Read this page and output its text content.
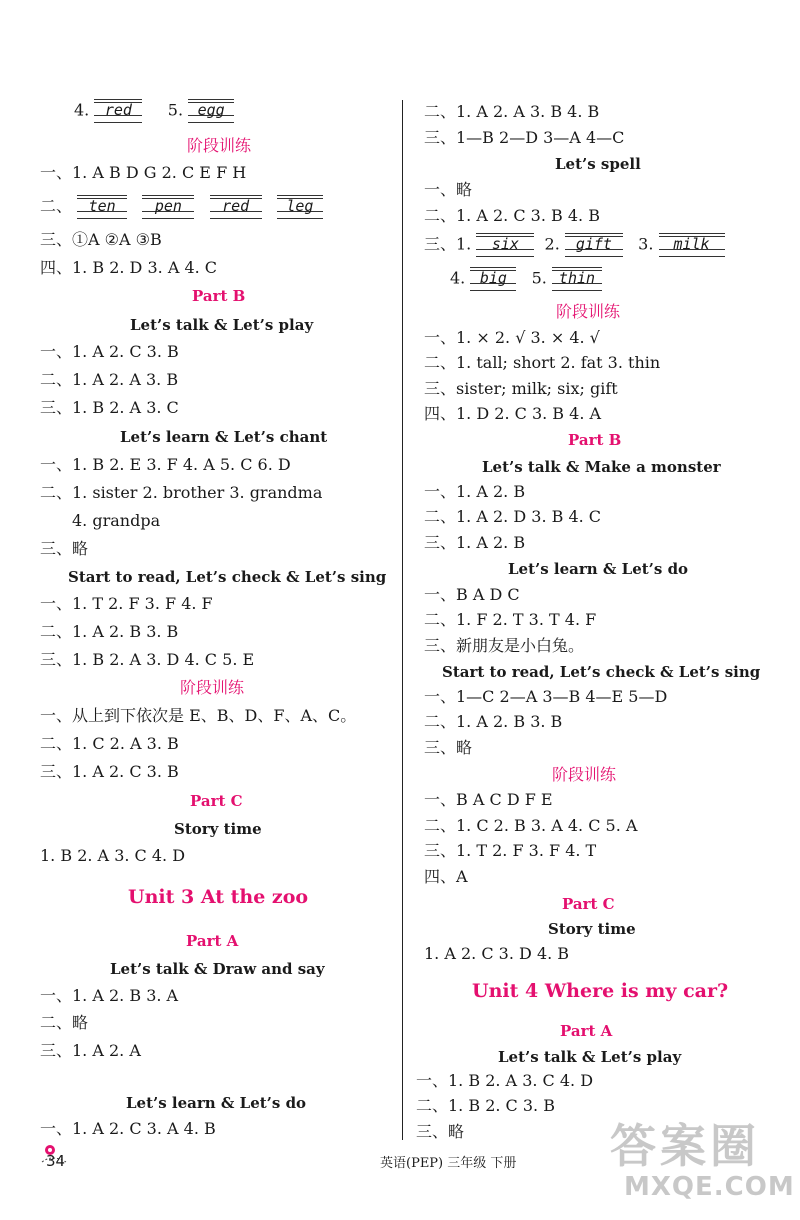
4. red 5. egg
阶段训练
一、1. A B D G 2. C E F H
二、 ten	pen	red leg
三、①A ②A ③B
四、1. B 2. D 3. A 4. C
Part B
Let’s talk & Let’s play
一、1. A 2. C 3. B
二、1. A 2. A 3. B
三、1. B 2. A 3. C
Let’s learn & Let’s chant
一、1. B 2. E 3. F 4. A 5. C 6. D
二、1. sister 2. brother 3. grandma
4. grandpa
三、略
Start to read, Let’s check & Let’s sing
一、1. T 2. F 3. F 4. F
二、1. A 2. B 3. B
三、1. B 2. A 3. D 4. C 5. E
阶段训练
一、从上到下依次是 E、B、D、F、A、C。
二、1. C 2. A 3. B
三、1. A 2. C 3. B
Part C
Story time
1. B 2. A 3. C 4. D
Unit 3 At the zoo
Part A
Let’s talk & Draw and say
一、1. A 2. B 3. A
二、略
三、1. A 2. A
Let’s learn & Let’s do
一、1. A 2. C 3. A 4. B
二、1. A 2. A 3. B 4. B
三、1—B 2—D 3—A 4—C
Let’s spell
一、略
二、1. A 2. C 3. B 4. B
三、1. six 2. gift 3. milk
4. big 5. thin
阶段训练
一、1. × 2. √ 3. × 4. √
二、1. tall; short 2. fat 3. thin
三、sister; milk; six; gift
四、1. D 2. C 3. B 4. A
Part B
Let’s talk & Make a monster
一、1. A 2. B
二、1. A 2. D 3. B 4. C
三、1. A 2. B
Let’s learn & Let’s do
一、B A D C
二、1. F 2. T 3. T 4. F
三、新朋友是小白兔。
Start to read, Let’s check & Let’s sing
一、1—C 2—A 3—B 4—E 5—D
二、1. A 2. B 3. B
三、略
阶段训练
一、B A C D F E
二、1. C 2. B 3. A 4. C 5. A
三、1. T 2. F 3. F 4. T
四、A
Part C
Story time
1. A 2. C 3. D 4. B
Unit 4 Where is my car?
Part A
Let’s talk & Let’s play
一、1. B 2. A 3. C 4. D
二、1. B 2. C 3. B
三、略
34	英语(PEP) 三年级 下册 答案圈
MXQE.COM
